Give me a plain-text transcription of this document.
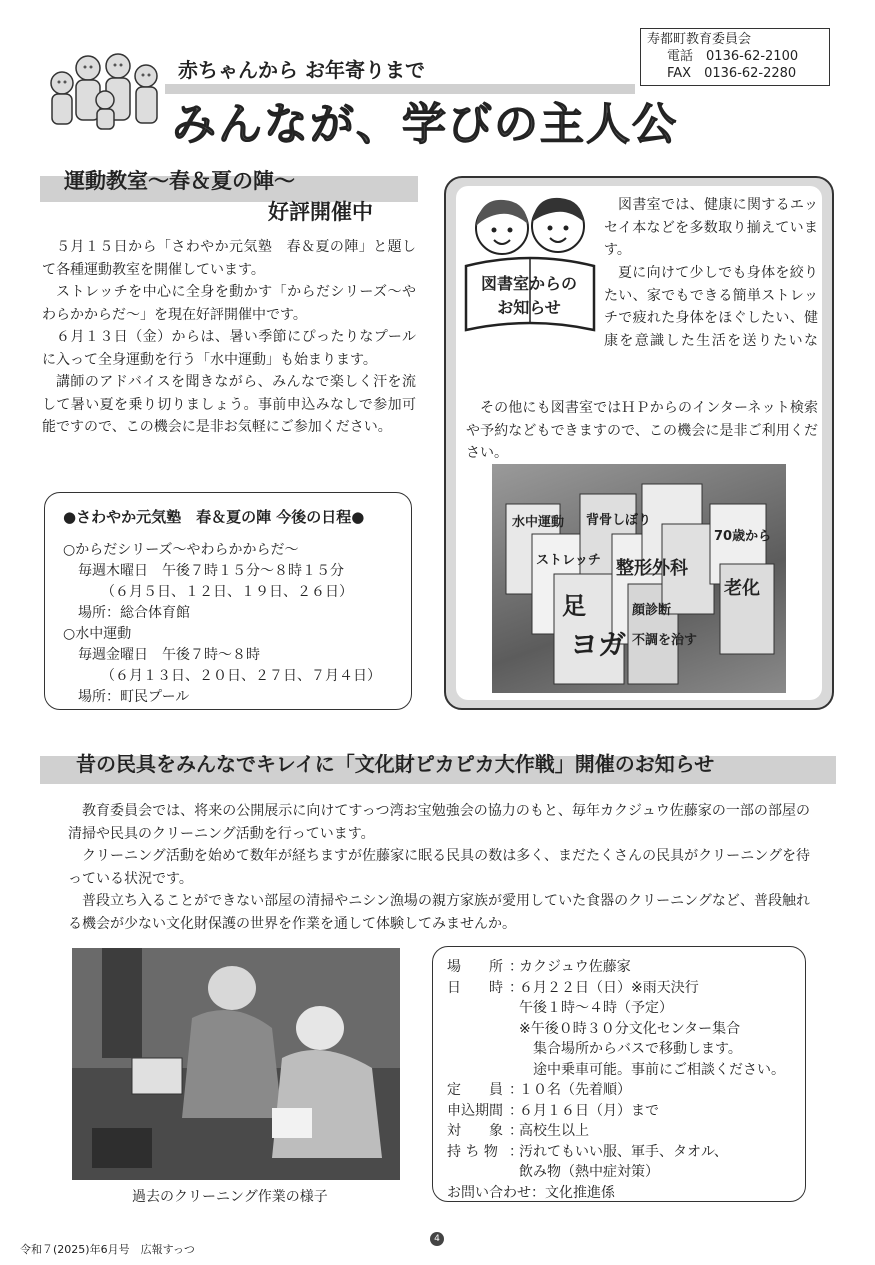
赤ちゃんから お年寄りまで
みんなが、学びの主人公
寿都町教育委員会
電話　 0136-62-2100
FAX　 0136-62-2280
運動教室～春＆夏の陣～
好評開催中

５月１５日から「さわやか元気塾　春＆夏の陣」と題して各種運動教室を開催しています。

ストレッチを中心に全身を動かす「からだシリーズ～やわらかからだ～」を現在好評開催中です。

６月１３日（金）からは、暑い季節にぴったりなプールに入って全身運動を行う「水中運動」も始まります。

講師のアドバイスを聞きながら、みんなで楽しく汗を流して暑い夏を乗り切りましょう。事前申込みなしで参加可能ですので、この機会に是非お気軽にご参加ください。

●さわやか元気塾　春＆夏の陣 今後の日程●
○からだシリーズ～やわらかからだ～
毎週木曜日　午後７時１５分～８時１５分
（６月５日、１２日、１９日、２６日）
場所：総合体育館
○水中運動
毎週金曜日　午後７時～８時
（６月１３日、２０日、２７日、７月４日）
場所：町民プール
図書室からの
お知らせ

図書室では、健康に関するエッセイ本などを多数取り揃えています。

夏に向けて少しでも身体を絞りたい、家でもできる簡単ストレッチで疲れた身体をほぐしたい、健康を意識した生活を送りたいな

その他にも図書室ではＨＰからのインターネット検索や予約などもできますので、この機会に是非ご利用ください。

水中運動
ストレッチ
足
背骨しぼり
ヨガ
整形外科
顔診断
不調を治す
老化
70歳から
昔の民具をみんなでキレイに「文化財ピカピカ大作戦」開催のお知らせ

教育委員会では、将来の公開展示に向けてすっつ湾お宝勉強会の協力のもと、毎年カクジュウ佐藤家の一部の部屋の清掃や民具のクリーニング活動を行っています。

クリーニング活動を始めて数年が経ちますが佐藤家に眠る民具の数は多く、まだたくさんの民具がクリーニングを待っている状況です。

普段立ち入ることができない部屋の清掃やニシン漁場の親方家族が愛用していた食器のクリーニングなど、普段触れる機会が少ない文化財保護の世界を作業を通して体験してみませんか。

過去のクリーニング作業の様子
場　　所 ：
カクジュウ佐藤家
日　　時 ：
６月２２日（日）※雨天決行
午後１時～４時（予定）
※午後０時３０分文化センター集合
集合場所からバスで移動します。
途中乗車可能。事前にご相談ください。
定　　員 ：
１０名（先着順）
申込期間 ：
６月１６日（月）まで
対　　象 ：
高校生以上
持 ち 物 ：
汚れてもいい服、軍手、タオル、
飲み物（熱中症対策）
お問い合わせ ： 文化推進係
令和７(2025)年6月号　広報すっつ
4
